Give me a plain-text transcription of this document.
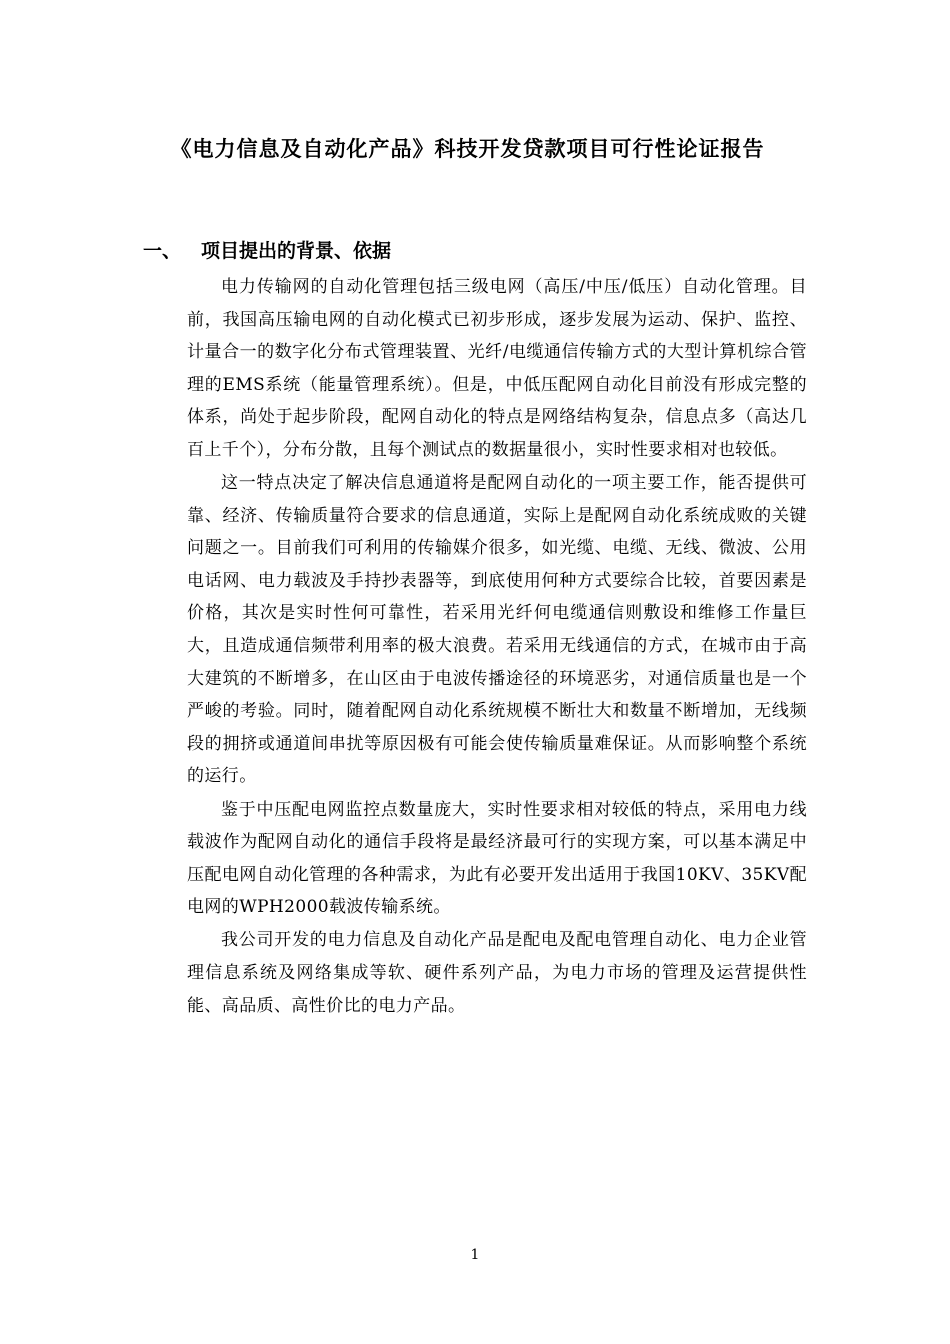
《电力信息及自动化产品》科技开发贷款项目可行性论证报告
一、 项目提出的背景、依据

电力传输网的自动化管理包括三级电网（高压/中压/低压）自动化管理。目前，我国高压输电网的自动化模式已初步形成，逐步发展为运动、保护、监控、计量合一的数字化分布式管理装置、光纤/电缆通信传输方式的大型计算机综合管理的EMS系统（能量管理系统）。但是，中低压配网自动化目前没有形成完整的体系，尚处于起步阶段，配网自动化的特点是网络结构复杂，信息点多（高达几百上千个），分布分散，且每个测试点的数据量很小，实时性要求相对也较低。

这一特点决定了解决信息通道将是配网自动化的一项主要工作，能否提供可靠、经济、传输质量符合要求的信息通道，实际上是配网自动化系统成败的关键问题之一。目前我们可利用的传输媒介很多，如光缆、电缆、无线、微波、公用电话网、电力载波及手持抄表器等，到底使用何种方式要综合比较，首要因素是价格，其次是实时性何可靠性，若采用光纤何电缆通信则敷设和维修工作量巨大，且造成通信频带利用率的极大浪费。若采用无线通信的方式，在城市由于高大建筑的不断增多，在山区由于电波传播途径的环境恶劣，对通信质量也是一个严峻的考验。同时，随着配网自动化系统规模不断壮大和数量不断增加，无线频段的拥挤或通道间串扰等原因极有可能会使传输质量难保证。从而影响整个系统的运行。

鉴于中压配电网监控点数量庞大，实时性要求相对较低的特点，采用电力线载波作为配网自动化的通信手段将是最经济最可行的实现方案，可以基本满足中压配电网自动化管理的各种需求，为此有必要开发出适用于我国10KV、35KV配电网的WPH2000载波传输系统。

我公司开发的电力信息及自动化产品是配电及配电管理自动化、电力企业管理信息系统及网络集成等软、硬件系列产品，为电力市场的管理及运营提供性能、高品质、高性价比的电力产品。

1
